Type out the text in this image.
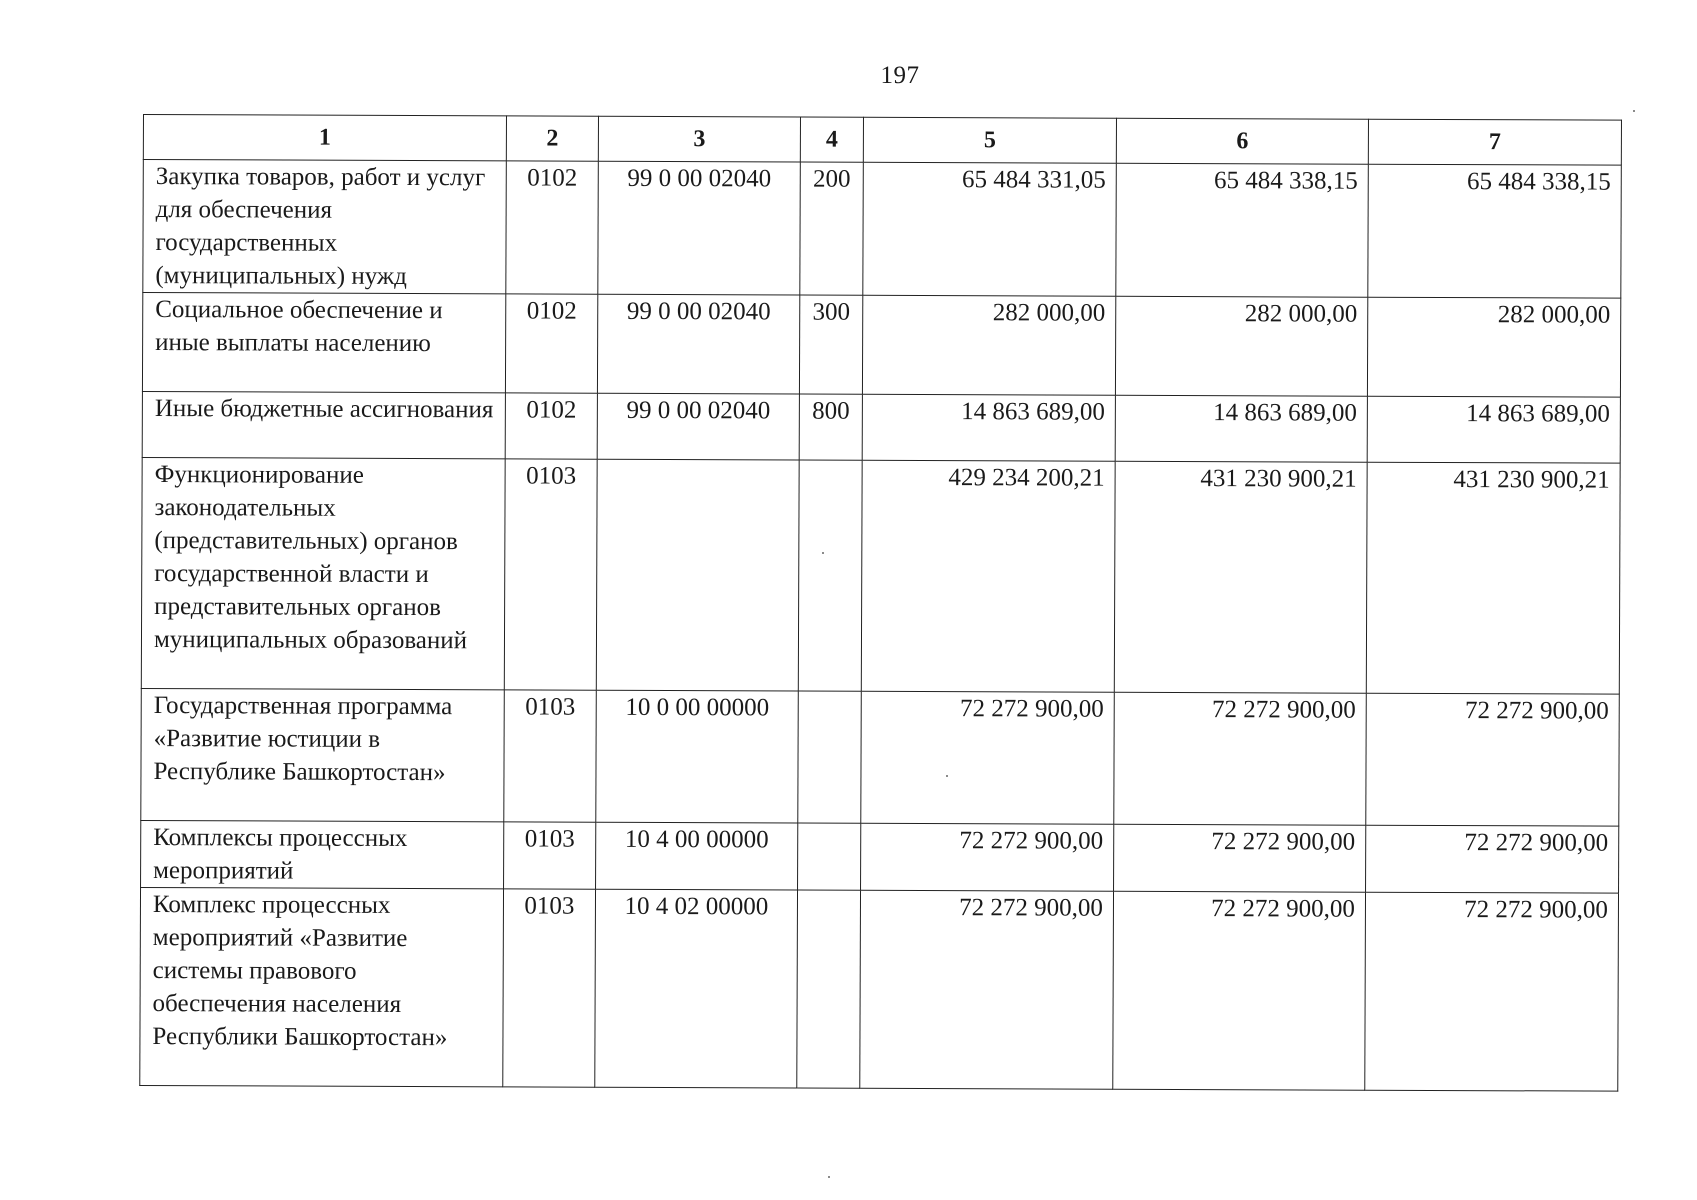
197
1	2	3	4	5	6	7
Закупка товаров, работ и услуг для обеспечения государственных (муниципальных) нужд	0102	99 0 00 02040	200	65 484 331,05	65 484 338,15	65 484 338,15
Социальное обеспечение и иные выплаты населению	0102	99 0 00 02040	300	282 000,00	282 000,00	282 000,00
Иные бюджетные ассигнования	0102	99 0 00 02040	800	14 863 689,00	14 863 689,00	14 863 689,00
Функционирование законодательных (представительных) органов государственной власти и представительных органов муниципальных образований	0103			429 234 200,21	431 230 900,21	431 230 900,21
Государственная программа «Развитие юстиции в Республике Башкортостан»	0103	10 0 00 00000		72 272 900,00	72 272 900,00	72 272 900,00
Комплексы процессных мероприятий	0103	10 4 00 00000		72 272 900,00	72 272 900,00	72 272 900,00
Комплекс процессных мероприятий «Развитие системы правового обеспечения населения Республики Башкортостан»	0103	10 4 02 00000		72 272 900,00	72 272 900,00	72 272 900,00
